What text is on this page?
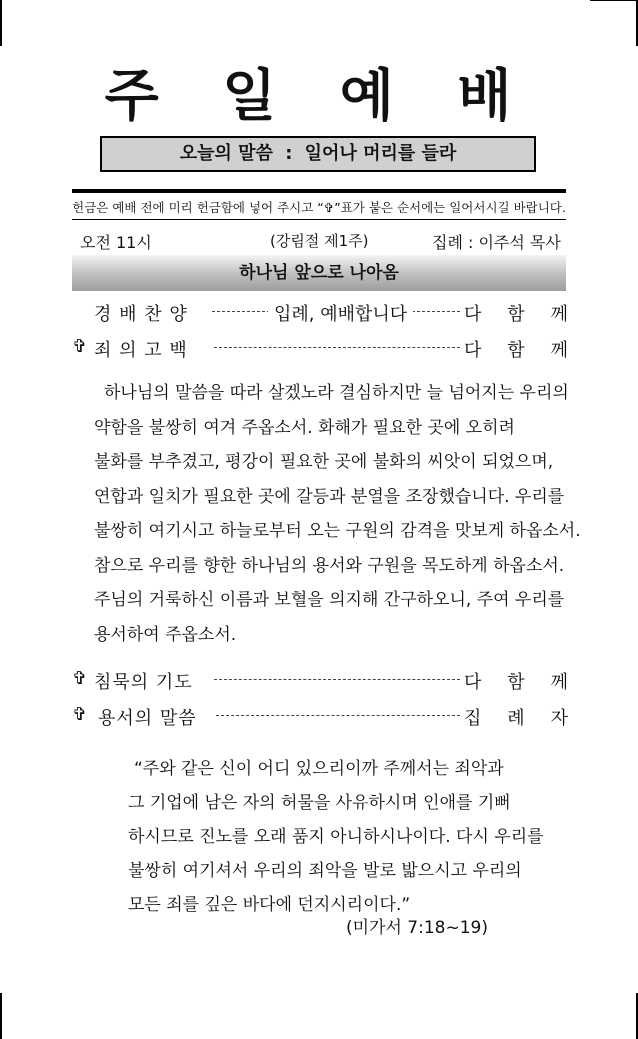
주 일 예 배
오늘의 말씀 : 일어나 머리를 들라
헌금은 예배 전에 미리 헌금함에 넣어 주시고 “✞”표가 붙은 순서에는 일어서시길 바랍니다.
오전 11시	(강림절 제1주)	집례 : 이주석 목사
하나님 앞으로 나아옴
경 배 찬 양	입례, 예배합니다	다 함 께
✞ 죄 의 고 백	다 함 께
하나님의 말씀을 따라 살겠노라 결심하지만 늘 넘어지는 우리의
약함을 불쌍히 여겨 주옵소서. 화해가 필요한 곳에 오히려
불화를 부추겼고, 평강이 필요한 곳에 불화의 씨앗이 되었으며,
연합과 일치가 필요한 곳에 갈등과 분열을 조장했습니다. 우리를
불쌍히 여기시고 하늘로부터 오는 구원의 감격을 맛보게 하옵소서.
참으로 우리를 향한 하나님의 용서와 구원을 목도하게 하옵소서.
주님의 거룩하신 이름과 보혈을 의지해 간구하오니, 주여 우리를
용서하여 주옵소서.
✞ 침묵의 기도	다 함 께
✞ 용서의 말씀	집 례 자
“주와 같은 신이 어디 있으리이까 주께서는 죄악과
그 기업에 남은 자의 허물을 사유하시며 인애를 기뻐
하시므로 진노를 오래 품지 아니하시나이다. 다시 우리를
불쌍히 여기셔서 우리의 죄악을 발로 밟으시고 우리의
모든 죄를 깊은 바다에 던지시리이다.”
(미가서 7:18~19)
